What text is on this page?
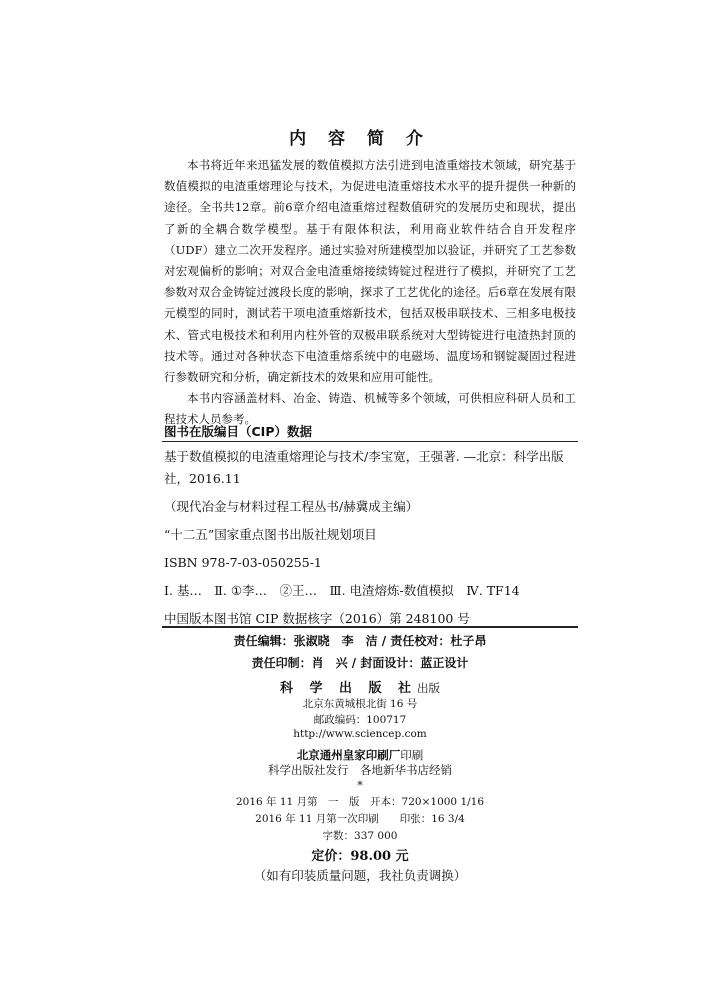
内 容 简 介

本书将近年来迅猛发展的数值模拟方法引进到电渣重熔技术领域，研究基于数值模拟的电渣重熔理论与技术，为促进电渣重熔技术水平的提升提供一种新的途径。全书共12章。前6章介绍电渣重熔过程数值研究的发展历史和现状，提出了新的全耦合数学模型。基于有限体积法，利用商业软件结合自开发程序（UDF）建立二次开发程序。通过实验对所建模型加以验证，并研究了工艺参数对宏观偏析的影响；对双合金电渣重熔接续铸锭过程进行了模拟，并研究了工艺参数对双合金铸锭过渡段长度的影响，探求了工艺优化的途径。后6章在发展有限元模型的同时，测试若干项电渣重熔新技术，包括双极串联技术、三相多电极技术、管式电极技术和利用内柱外管的双极串联系统对大型铸锭进行电渣热封顶的技术等。通过对各种状态下电渣重熔系统中的电磁场、温度场和钢锭凝固过程进行参数研究和分析，确定新技术的效果和应用可能性。

本书内容涵盖材料、冶金、铸造、机械等多个领域，可供相应科研人员和工程技术人员参考。

图书在版编目（CIP）数据
基于数值模拟的电渣重熔理论与技术/李宝宽，王强著. —北京：科学出版社，2016.11
（现代冶金与材料过程工程丛书/赫冀成主编）
“十二五”国家重点图书出版社规划项目
ISBN 978-7-03-050255-1
Ⅰ. 基…　Ⅱ. ①李…　②王…　Ⅲ. 电渣熔炼-数值模拟　Ⅳ. TF14
中国版本图书馆 CIP 数据核字（2016）第 248100 号
责任编辑：张淑晓　李　洁 / 责任校对：杜子昂
责任印制：肖　兴 / 封面设计：蓝正设计
科 学 出 版 社出版
北京东黄城根北街 16 号
邮政编码：100717
http://www.sciencep.com
北京通州皇家印刷厂印刷
科学出版社发行　各地新华书店经销
*
2016 年 11 月第　一　版　开本：720×1000 1/16
2016 年 11 月第一次印刷　　印张：16 3/4
字数：337 000
定价：98.00 元
（如有印装质量问题，我社负责调换）
